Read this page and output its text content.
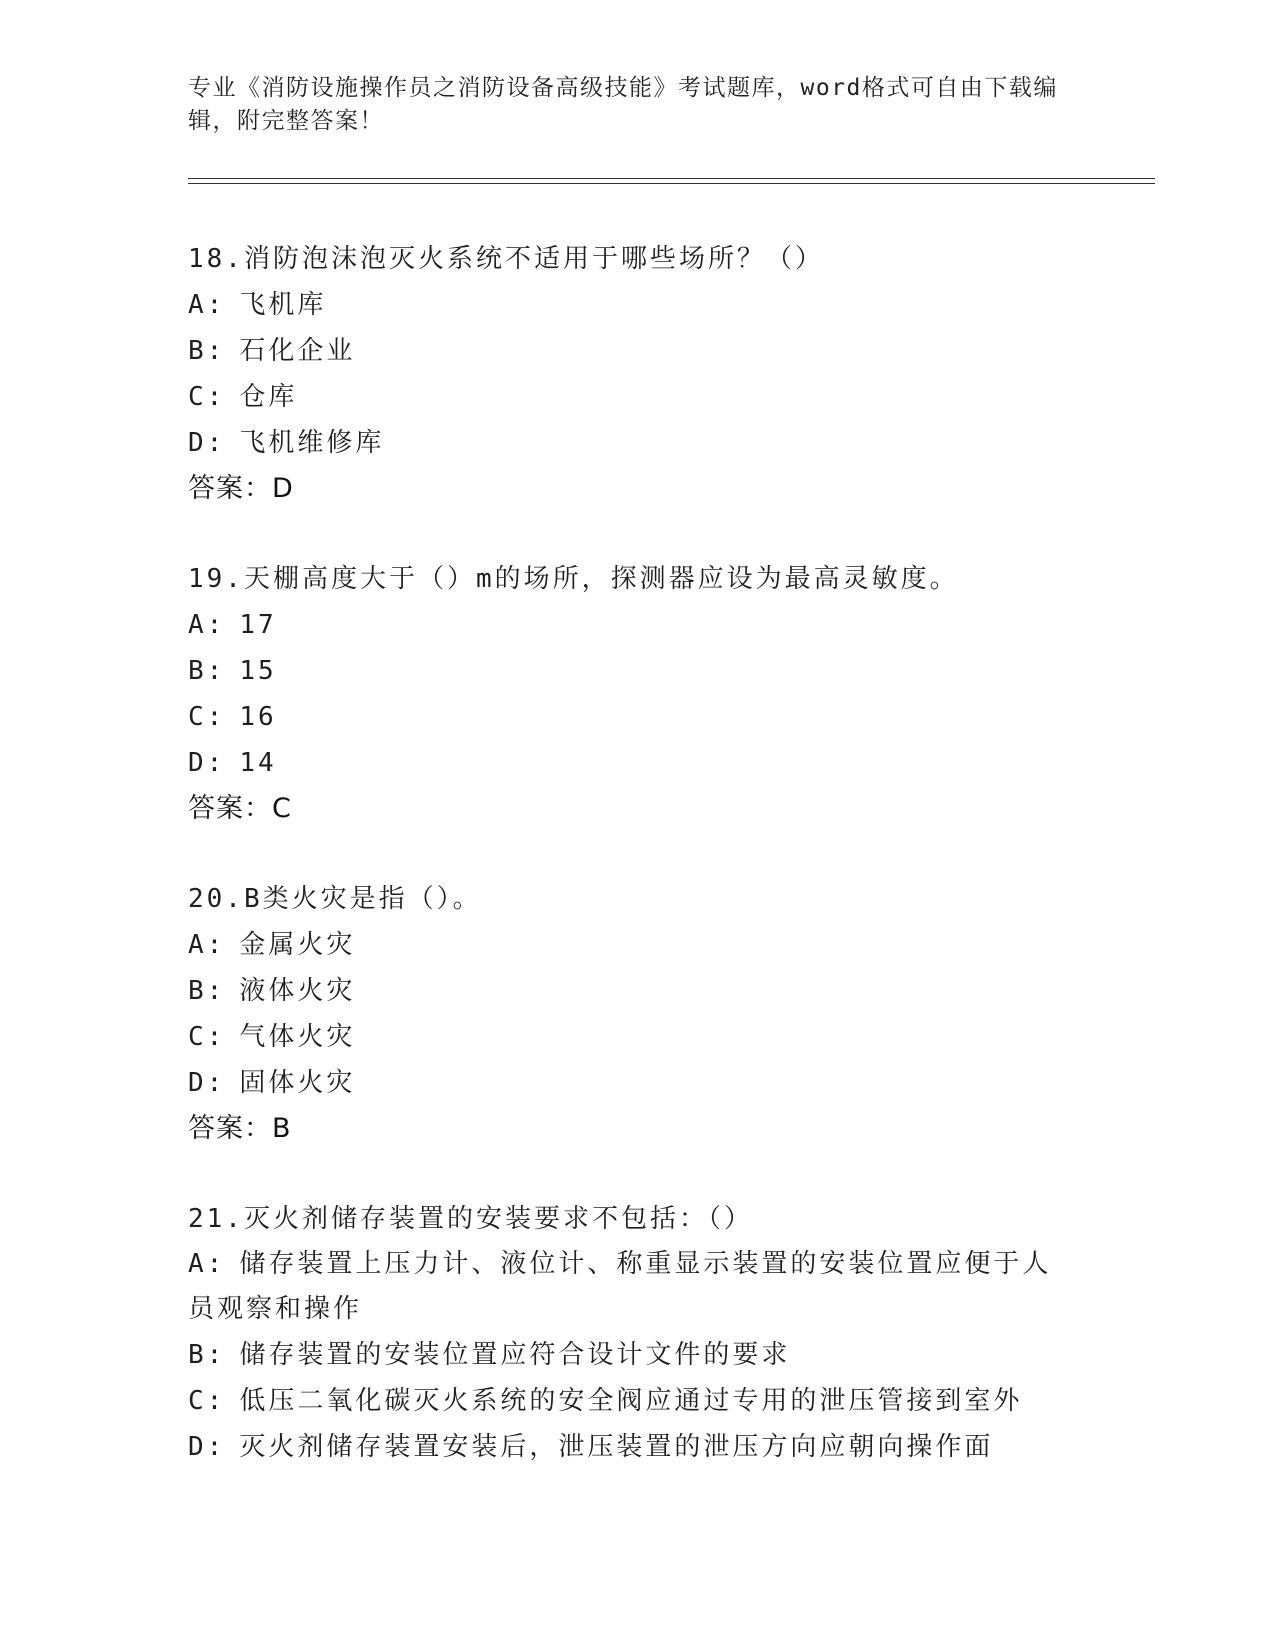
专业《消防设施操作员之消防设备高级技能》考试题库，word格式可自由下载编辑，附完整答案！
18.消防泡沫泡灭火系统不适用于哪些场所？（）
A : 飞机库
B : 石化企业
C : 仓库
D : 飞机维修库
答案：D
19.天棚高度大于（）m的场所，探测器应设为最高灵敏度。
A : 17
B : 15
C : 16
D : 14
答案：C
20.B类火灾是指（）。
A : 金属火灾
B : 液体火灾
C : 气体火灾
D : 固体火灾
答案：B
21.灭火剂储存装置的安装要求不包括：（）
A: 储存装置上压力计、液位计、称重显示装置的安装位置应便于人员观察和操作
B : 储存装置的安装位置应符合设计文件的要求
C : 低压二氧化碳灭火系统的安全阀应通过专用的泄压管接到室外
D : 灭火剂储存装置安装后，泄压装置的泄压方向应朝向操作面
